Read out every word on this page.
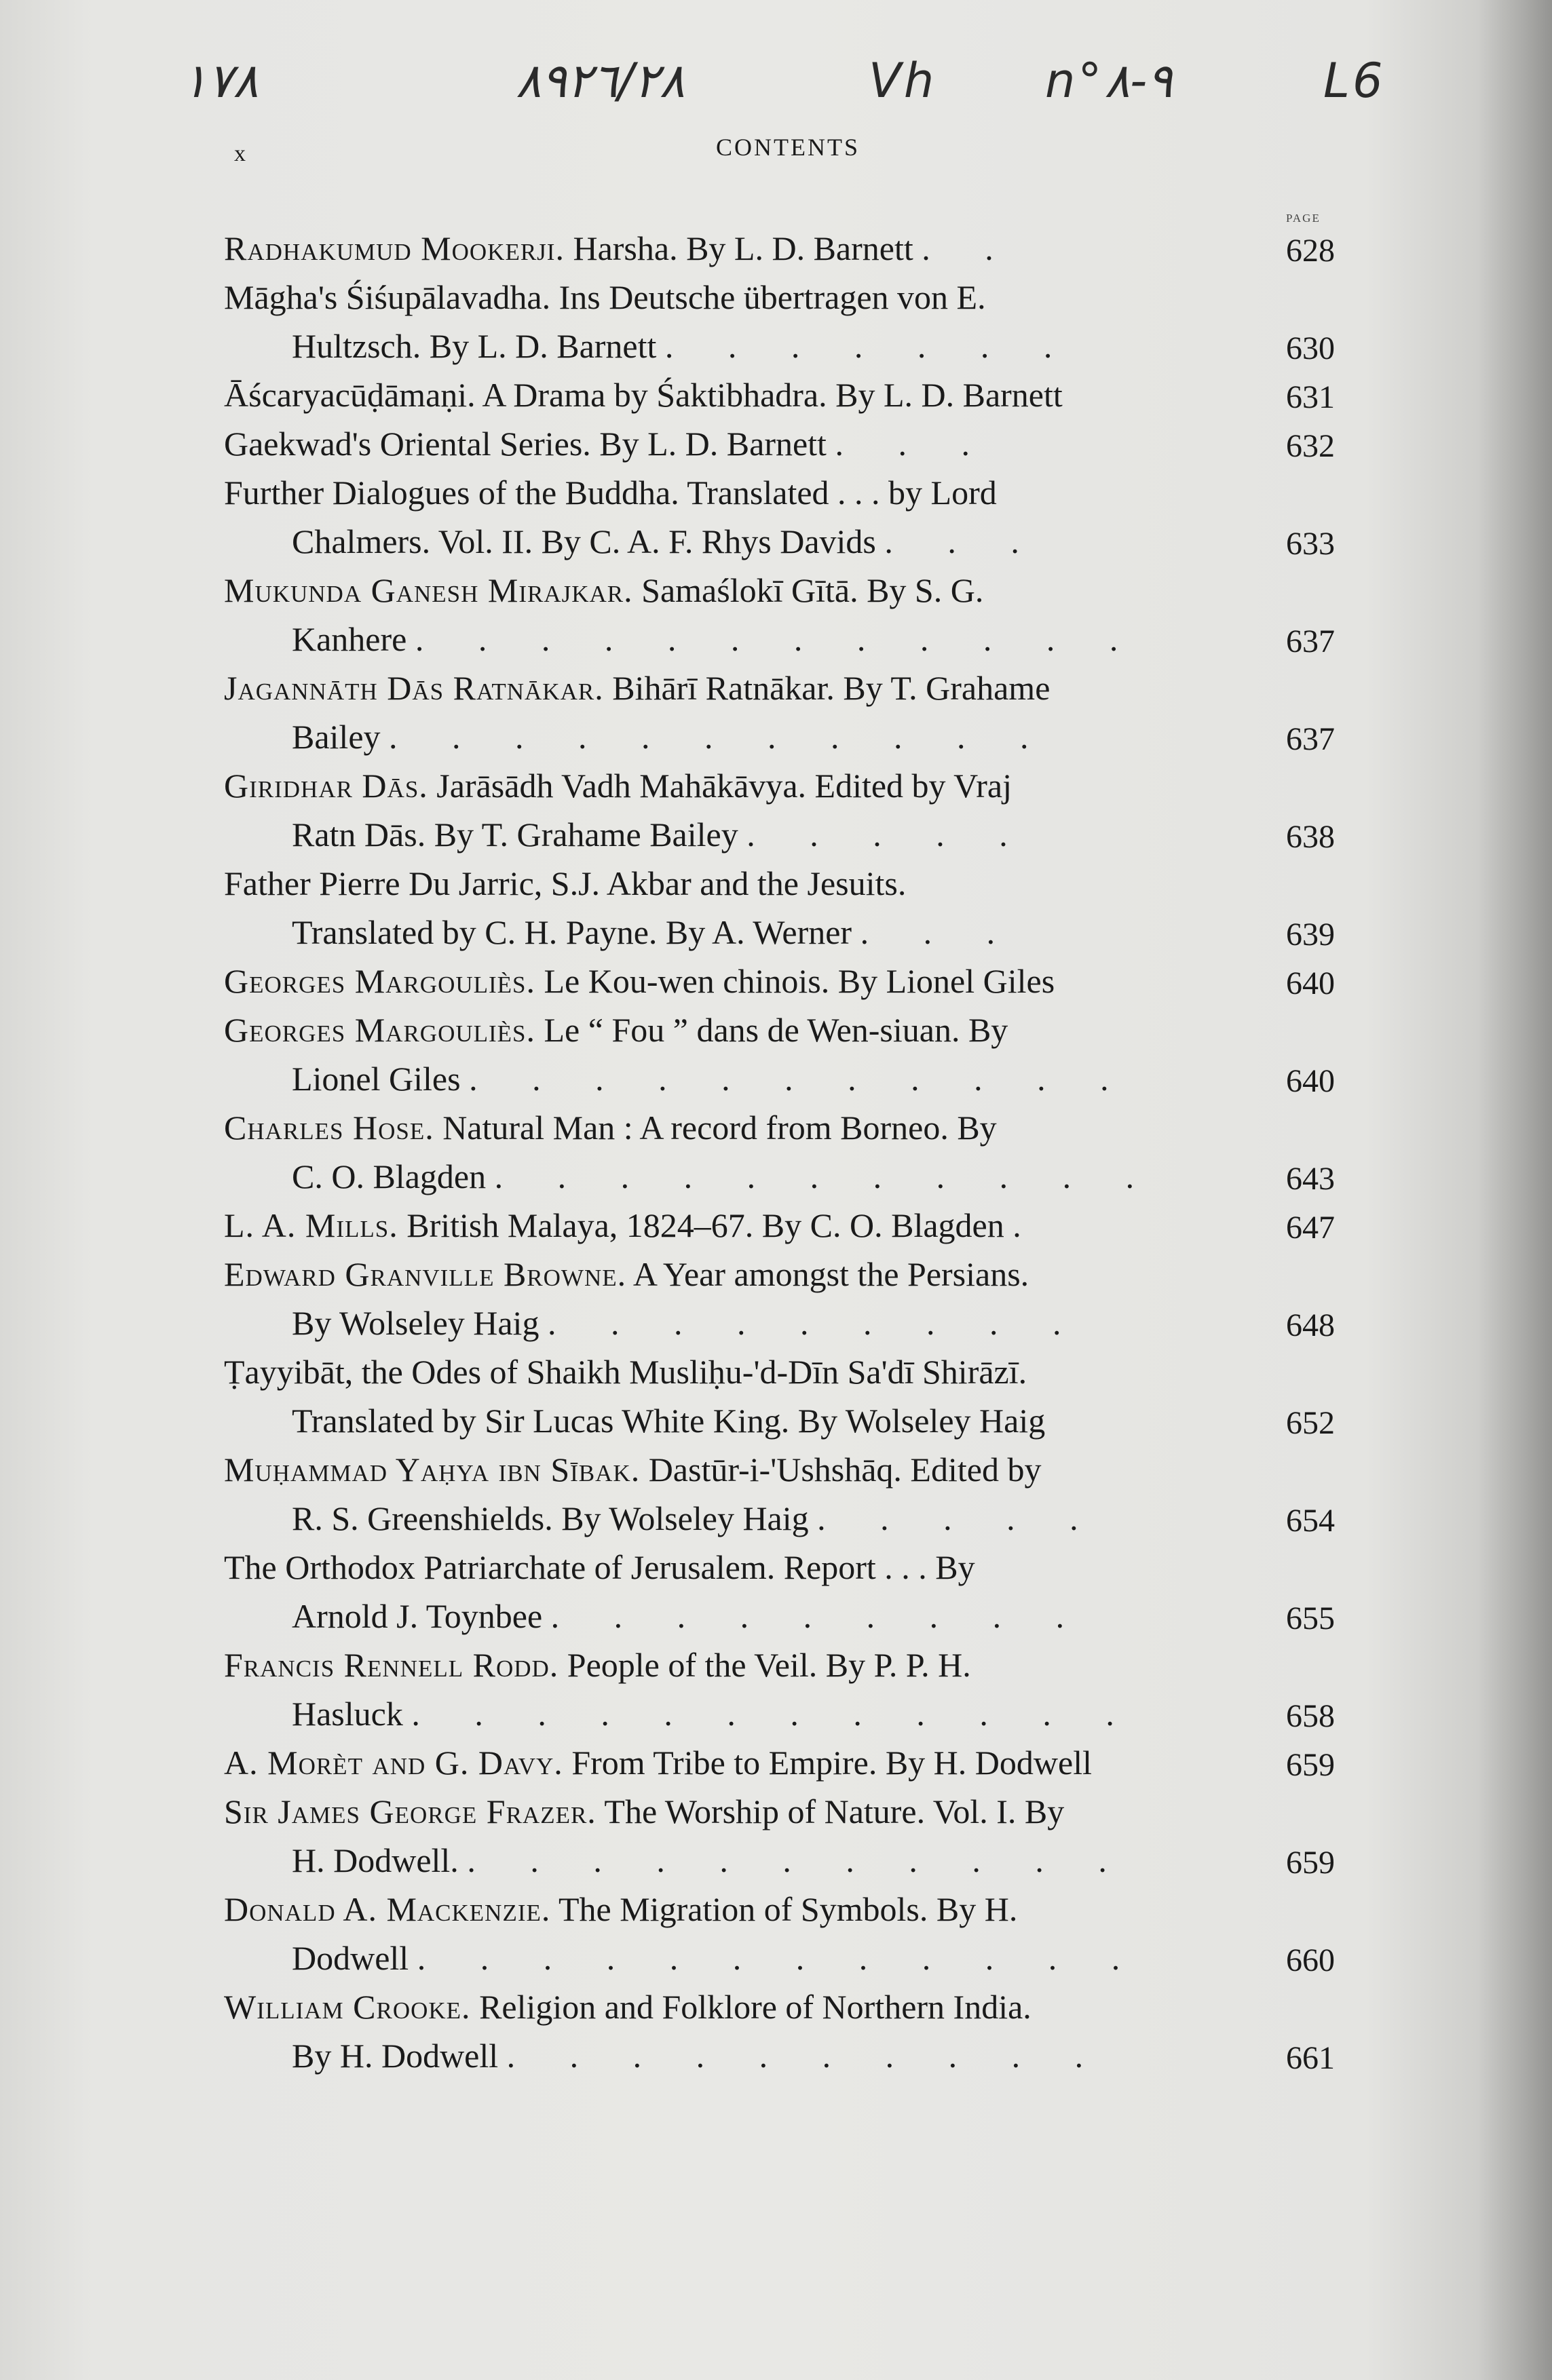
۱۷۸	۸۹۲٦/۲۸	Vh n°۸-۹	L6
x	CONTENTS
PAGE
Radhakumud Mookerji. Harsha. By L. D. Barnett . .	628
Māgha's Śiśupālavadha. Ins Deutsche übertragen von E.
Hultzsch. By L. D. Barnett . . . . . . .	630
Āścaryacūḍāmaṇi. A Drama by Śaktibhadra. By L. D. Barnett	631
Gaekwad's Oriental Series. By L. D. Barnett . . .	632
Further Dialogues of the Buddha. Translated . . . by Lord
Chalmers. Vol. II. By C. A. F. Rhys Davids . . .	633
Mukunda Ganesh Mirajkar. Samaślokī Gītā. By S. G.
Kanhere . . . . . . . . . . . .	637
Jagannāth Dās Ratnākar. Bihārī Ratnākar. By T. Grahame
Bailey . . . . . . . . . . .	637
Giridhar Dās. Jarāsādh Vadh Mahākāvya. Edited by Vraj
Ratn Dās. By T. Grahame Bailey . . . . .	638
Father Pierre Du Jarric, S.J. Akbar and the Jesuits.
Translated by C. H. Payne. By A. Werner . . .	639
Georges Margouliès. Le Kou-wen chinois. By Lionel Giles	640
Georges Margouliès. Le “ Fou ” dans de Wen-siuan. By
Lionel Giles . . . . . . . . . . .	640
Charles Hose. Natural Man : A record from Borneo. By
C. O. Blagden . . . . . . . . . . .	643
L. A. Mills. British Malaya, 1824–67. By C. O. Blagden .	647
Edward Granville Browne. A Year amongst the Persians.
By Wolseley Haig . . . . . . . . .	648
Ṭayyibāt, the Odes of Shaikh Musliḥu-'d-Dīn Sa'dī Shirāzī.
Translated by Sir Lucas White King. By Wolseley Haig	652
Muḥammad Yaḥya ibn Sībak. Dastūr-i-'Ushshāq. Edited by
R. S. Greenshields. By Wolseley Haig . . . . .	654
The Orthodox Patriarchate of Jerusalem. Report . . . By
Arnold J. Toynbee . . . . . . . . .	655
Francis Rennell Rodd. People of the Veil. By P. P. H.
Hasluck . . . . . . . . . . . .	658
A. Morèt and G. Davy. From Tribe to Empire. By H. Dodwell	659
Sir James George Frazer. The Worship of Nature. Vol. I. By
H. Dodwell. . . . . . . . . . . .	659
Donald A. Mackenzie. The Migration of Symbols. By H.
Dodwell . . . . . . . . . . . .	660
William Crooke. Religion and Folklore of Northern India.
By H. Dodwell . . . . . . . . . .	661
